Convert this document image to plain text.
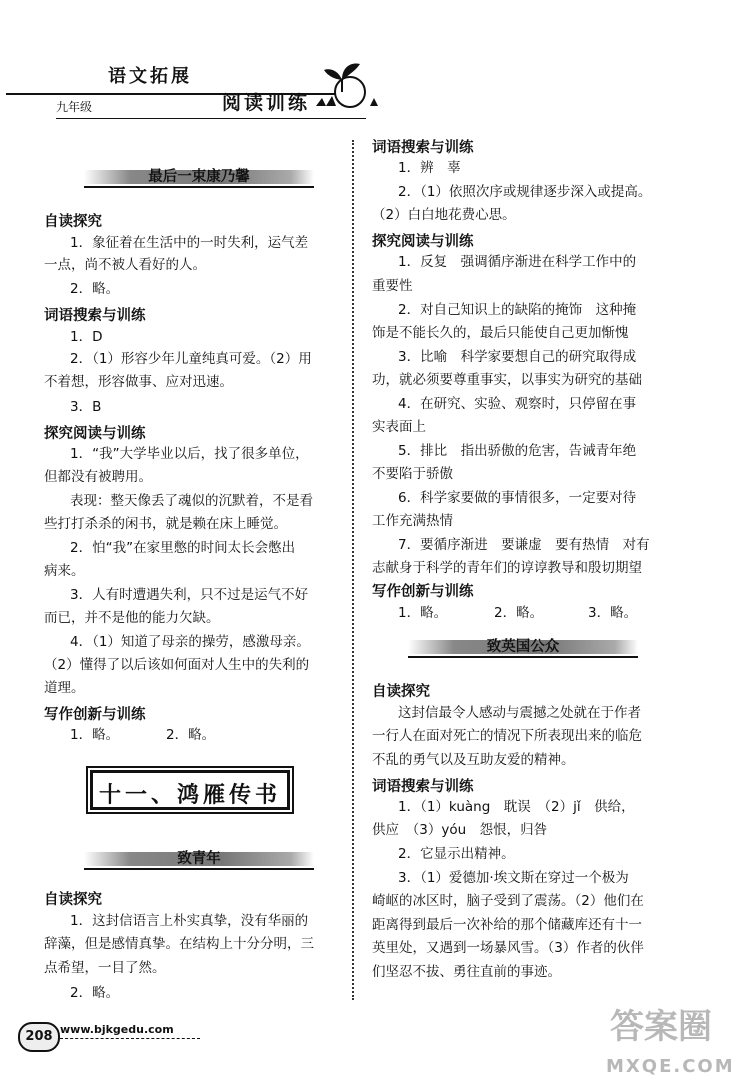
语文拓展
九年级	阅读训练
最后一束康乃馨
自读探究
1．象征着在生活中的一时失利，运气差
一点，尚不被人看好的人。
2．略。
词语搜索与训练
1．D
2．（1）形容少年儿童纯真可爱。（2）用
不着想，形容做事、应对迅速。
3．B
探究阅读与训练
1．“我”大学毕业以后，找了很多单位，
但都没有被聘用。
表现：整天像丢了魂似的沉默着，不是看
些打打杀杀的闲书，就是赖在床上睡觉。
2．怕“我”在家里憋的时间太长会憋出
病来。
3．人有时遭遇失利，只不过是运气不好
而已，并不是他的能力欠缺。
4．（1）知道了母亲的操劳，感激母亲。
（2）懂得了以后该如何面对人生中的失利的
道理。
写作创新与训练
1．略。	2．略。
十一、鸿雁传书
致青年
自读探究
1．这封信语言上朴实真挚，没有华丽的
辞藻，但是感情真挚。在结构上十分分明，三
点希望，一目了然。
2．略。
词语搜索与训练
1．辨　辜
2．（1）依照次序或规律逐步深入或提高。
（2）白白地花费心思。
探究阅读与训练
1．反复　强调循序渐进在科学工作中的
重要性
2．对自己知识上的缺陷的掩饰　这种掩
饰是不能长久的，最后只能使自己更加惭愧
3．比喻　科学家要想自己的研究取得成
功，就必须要尊重事实，以事实为研究的基础
4．在研究、实验、观察时，只停留在事
实表面上
5．排比　指出骄傲的危害，告诫青年绝
不要陷于骄傲
6．科学家要做的事情很多，一定要对待
工作充满热情
7．要循序渐进　要谦虚　要有热情　对有
志献身于科学的青年们的谆谆教导和殷切期望
写作创新与训练
1．略。	2．略。	3．略。
致英国公众
自读探究
这封信最令人感动与震撼之处就在于作者
一行人在面对死亡的情况下所表现出来的临危
不乱的勇气以及互助友爱的精神。
词语搜索与训练
1．（1）kuàng　耽误　（2）jǐ　供给，
供应　（3）yóu　怨恨，归咎
2．它显示出精神。
3．（1）爱德加·埃文斯在穿过一个极为
崎岖的冰区时，脑子受到了震荡。（2）他们在
距离得到最后一次补给的那个储藏库还有十一
英里处，又遇到一场暴风雪。（3）作者的伙伴
们坚忍不拔、勇往直前的事迹。
208 www.bjkgedu.com	答案圈
MXQE.COM
